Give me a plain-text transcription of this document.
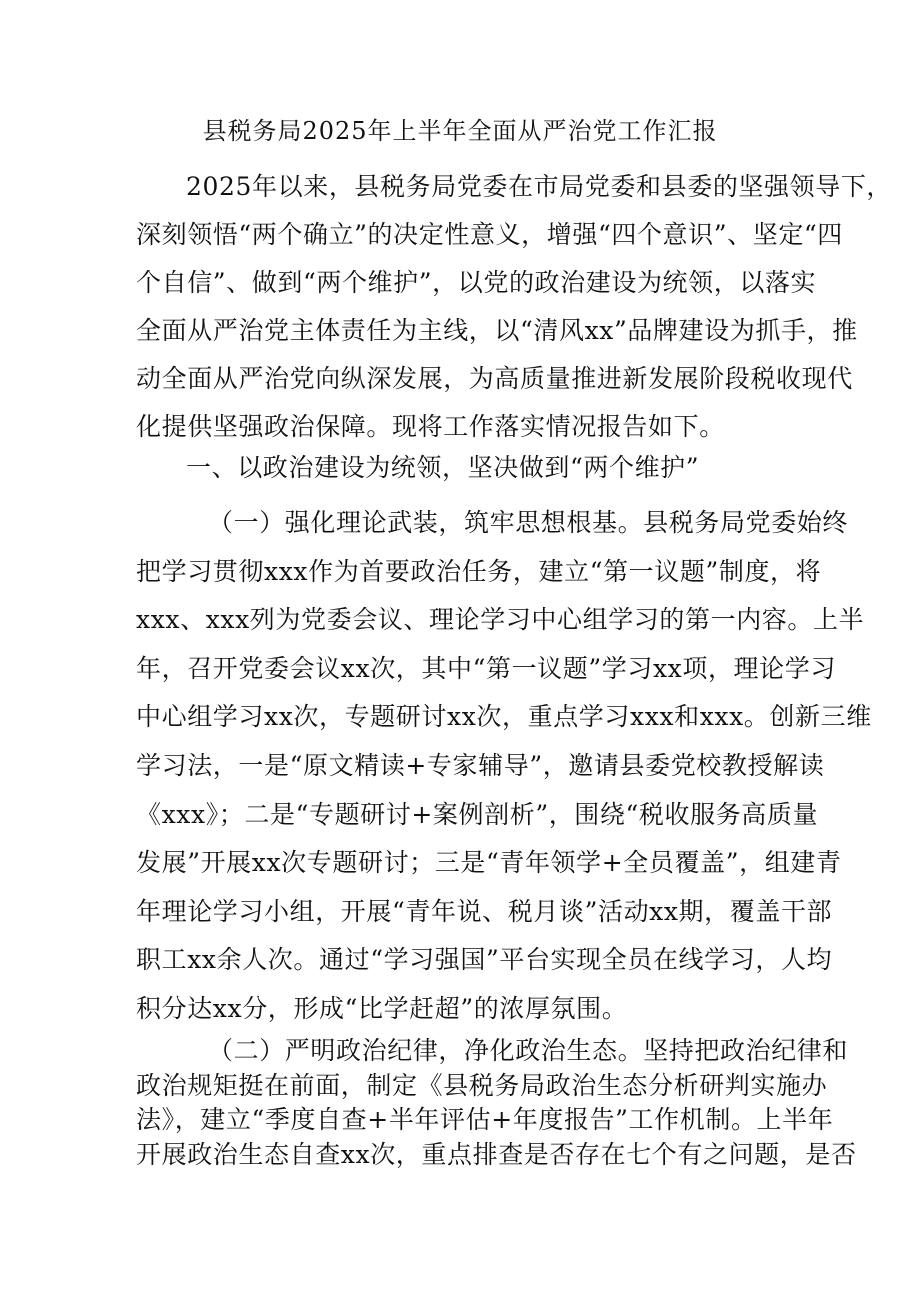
县税务局2025年上半年全面从严治党工作汇报
2025年以来，县税务局党委在市局党委和县委的坚强领导下，
深刻领悟“两个确立”的决定性意义，增强“四个意识”、坚定“四
个自信”、做到“两个维护”，以党的政治建设为统领，以落实
全面从严治党主体责任为主线，以“清风xx”品牌建设为抓手，推
动全面从严治党向纵深发展，为高质量推进新发展阶段税收现代
化提供坚强政治保障。现将工作落实情况报告如下。
一、以政治建设为统领，坚决做到“两个维护”
（一）强化理论武装，筑牢思想根基。县税务局党委始终
把学习贯彻xxx作为首要政治任务，建立“第一议题”制度，将
xxx、xxx列为党委会议、理论学习中心组学习的第一内容。上半
年，召开党委会议xx次，其中“第一议题”学习xx项，理论学习
中心组学习xx次，专题研讨xx次，重点学习xxx和xxx。创新三维
学习法，一是“原文精读+专家辅导”，邀请县委党校教授解读
《xxx》；二是“专题研讨+案例剖析”，围绕“税收服务高质量
发展”开展xx次专题研讨；三是“青年领学+全员覆盖”，组建青
年理论学习小组，开展“青年说、税月谈”活动xx期，覆盖干部
职工xx余人次。通过“学习强国”平台实现全员在线学习，人均
积分达xx分，形成“比学赶超”的浓厚氛围。
（二）严明政治纪律，净化政治生态。坚持把政治纪律和
政治规矩挺在前面，制定《县税务局政治生态分析研判实施办
法》，建立“季度自查+半年评估+年度报告”工作机制。上半年
开展政治生态自查xx次，重点排查是否存在七个有之问题，是否
